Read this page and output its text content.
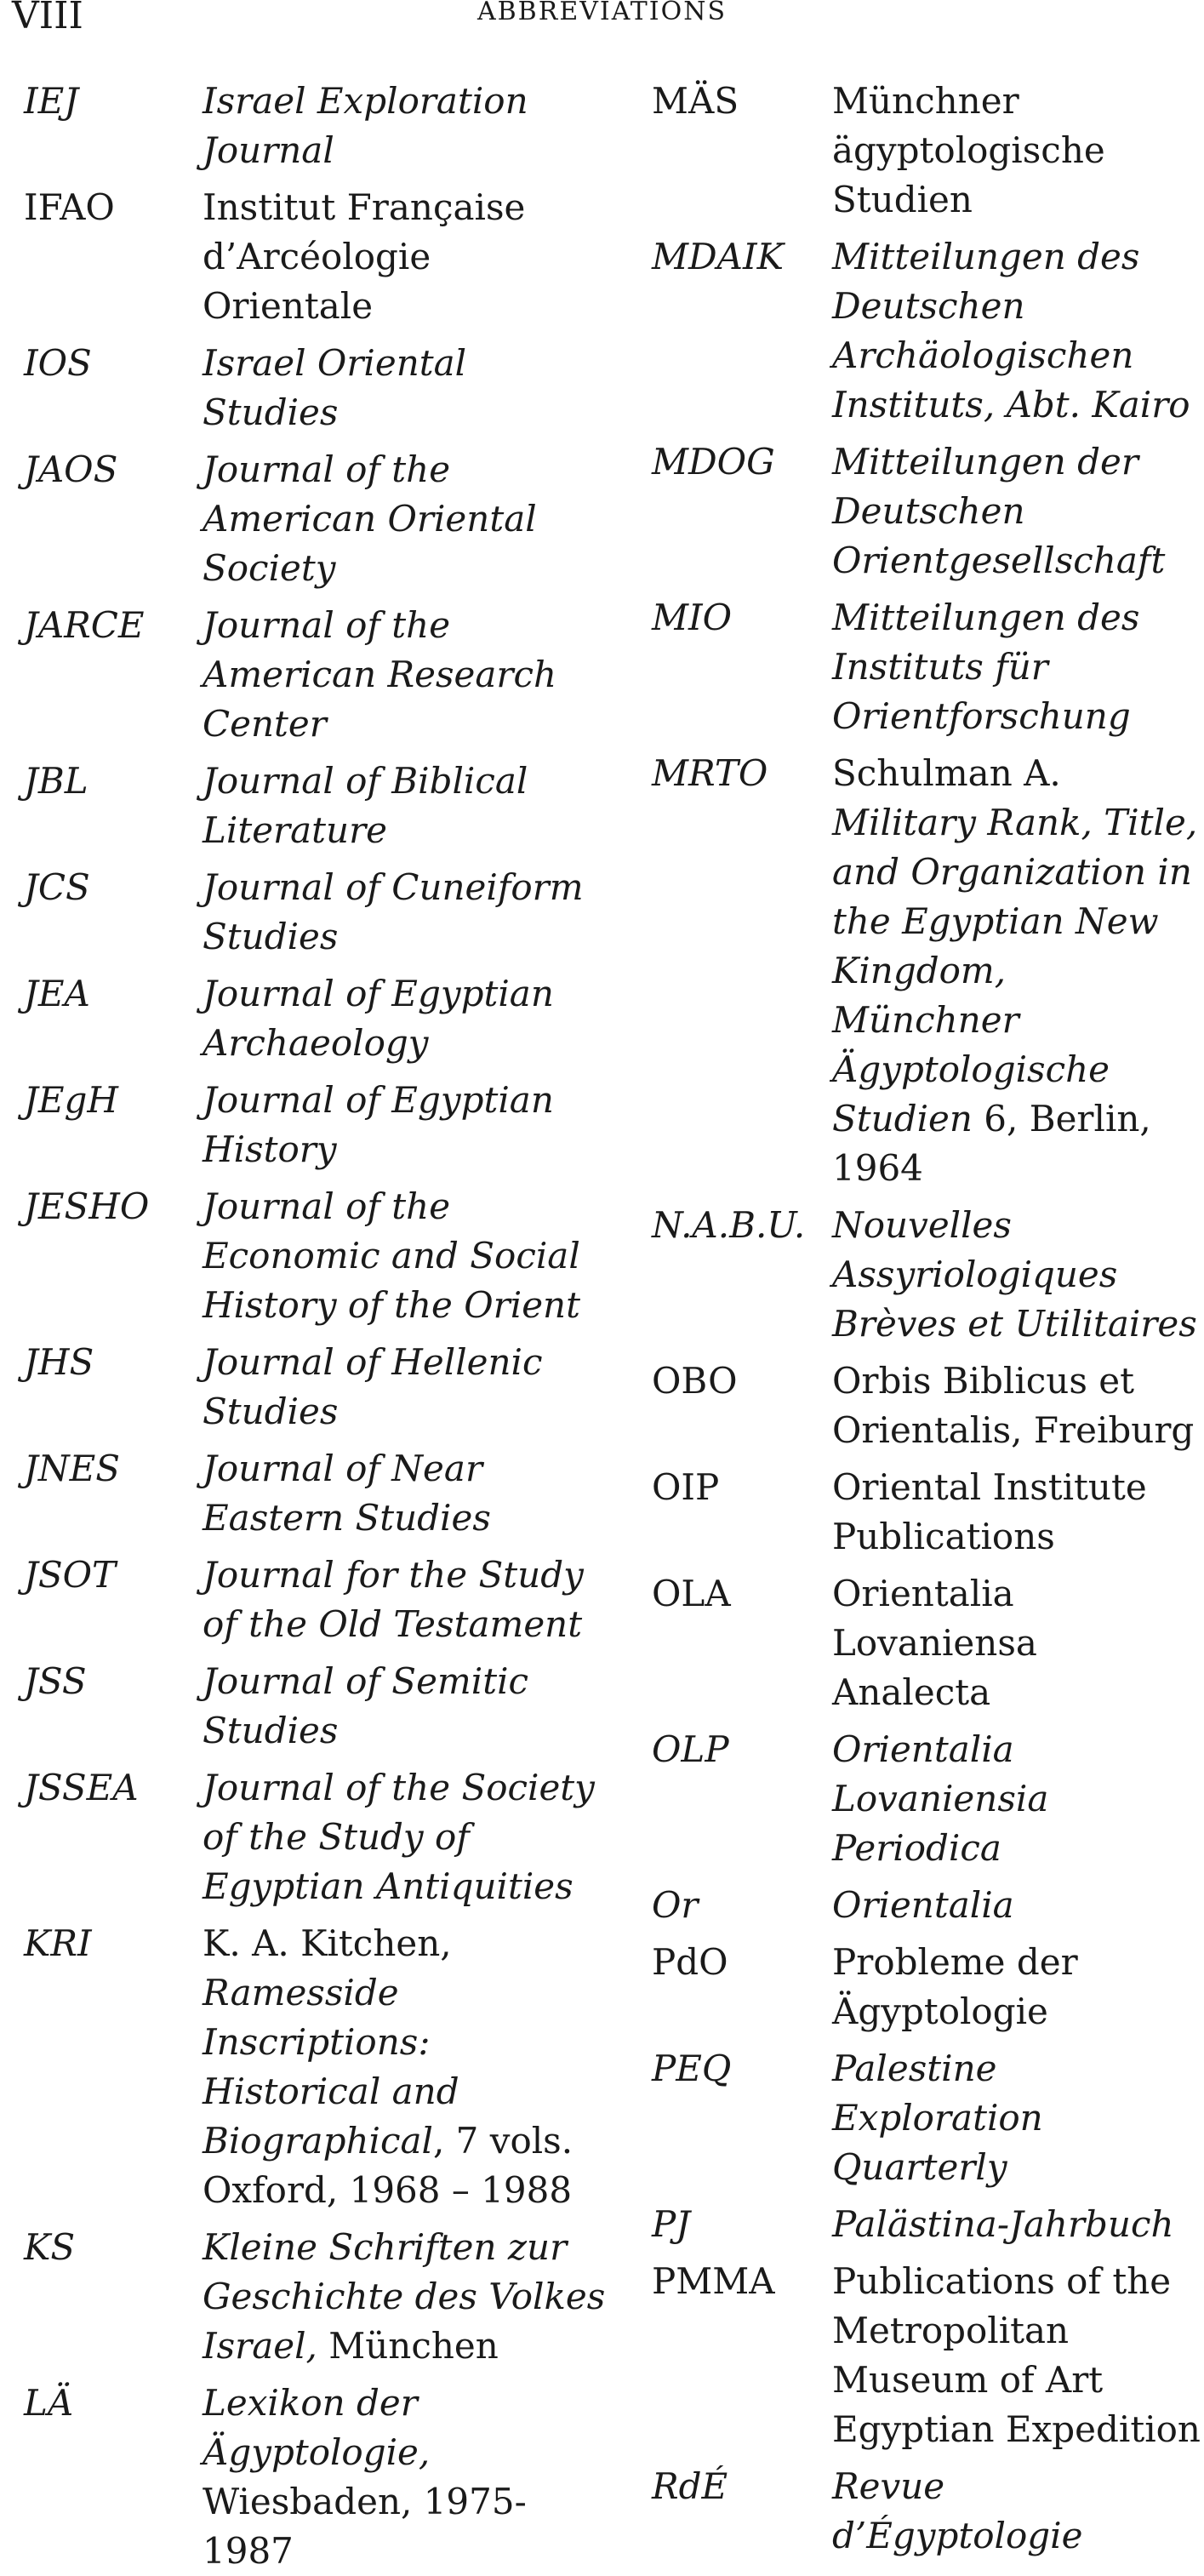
VIII	ABBREVIATIONS
IEJ	Israel Exploration Journal
IFAO	Institut Française d’Arcéologie Orientale
IOS	Israel Oriental Studies
JAOS	Journal of the American Oriental Society
JARCE	Journal of the American Research Center
JBL	Journal of Biblical Literature
JCS	Journal of Cuneiform Studies
JEA	Journal of Egyptian Archaeology
JEgH	Journal of Egyptian History
JESHO	Journal of the Economic and Social History of the Orient
JHS	Journal of Hellenic Studies
JNES	Journal of Near Eastern Studies
JSOT	Journal for the Study of the Old Testament
JSS	Journal of Semitic Studies
JSSEA	Journal of the Society of the Study of Egyptian Antiquities
KRI	K. A. Kitchen, Ramesside Inscriptions: Historical and Biographical, 7 vols. Oxford, 1968 – 1988
KS	Kleine Schriften zur Geschichte des Volkes Israel, München
LÄ	Lexikon der Ägyptologie, Wiesbaden, 1975-1987
MÄS	Münchner ägyptologische Studien
MDAIK	Mitteilungen des Deutschen Archäologischen Instituts, Abt. Kairo
MDOG	Mitteilungen der Deutschen Orientgesellschaft
MIO	Mitteilungen des Instituts für Orientforschung
MRTO	Schulman A. Military Rank, Title, and Organization in the Egyptian New Kingdom, Münchner Ägyptologische Studien 6, Berlin, 1964
N.A.B.U. Nouvelles Assyriologiques Brèves et Utilitaires
OBO	Orbis Biblicus et Orientalis, Freiburg
OIP	Oriental Institute Publications
OLA	Orientalia Lovaniensa Analecta
OLP	Orientalia Lovaniensia Periodica
Or	Orientalia
PdO	Probleme der Ägyptologie
PEQ	Palestine Exploration Quarterly
PJ	Palästina-Jahrbuch
PMMA	Publications of the Metropolitan Museum of Art Egyptian Expedition
RdÉ	Revue d’Égyptologie
